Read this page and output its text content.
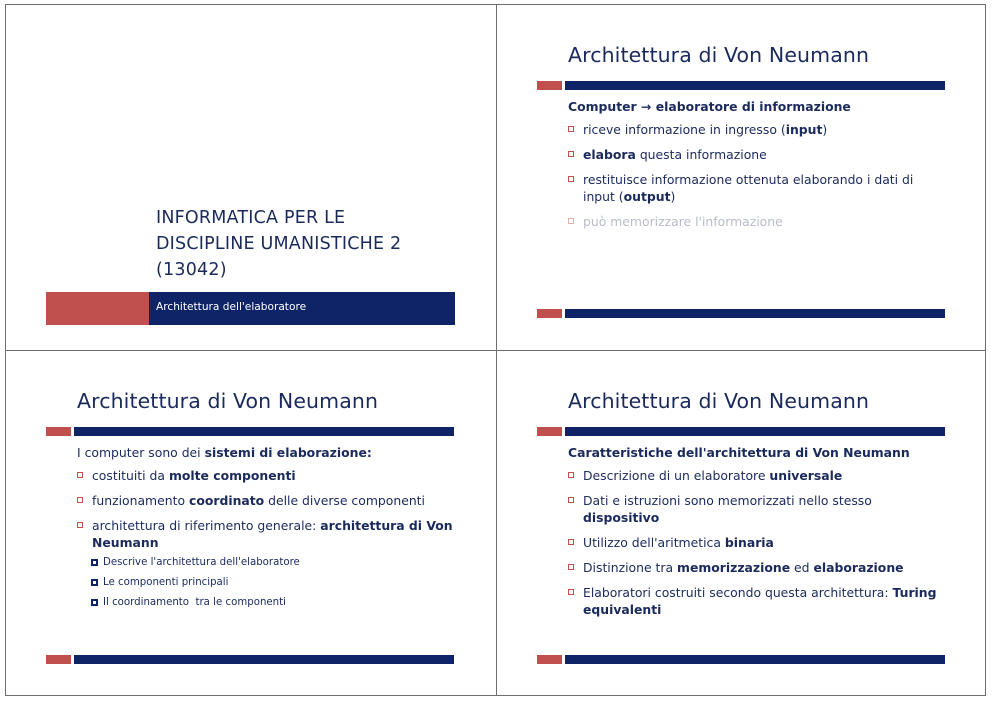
INFORMATICA PER LE
DISCIPLINE UMANISTICHE 2
(13042)
Architettura dell'elaboratore
Architettura di Von Neumann
Computer → elaboratore di informazione
riceve informazione in ingresso (input)
elabora questa informazione
restituisce informazione ottenuta elaborando i dati di input (output)
può memorizzare l'informazione
Architettura di Von Neumann
I computer sono dei sistemi di elaborazione:
costituiti da molte componenti
funzionamento coordinato delle diverse componenti
architettura di riferimento generale: architettura di Von Neumann
Descrive l'architettura dell'elaboratore
Le componenti principali
Il coordinamento  tra le componenti
Architettura di Von Neumann
Caratteristiche dell'architettura di Von Neumann
Descrizione di un elaboratore universale
Dati e istruzioni sono memorizzati nello stesso dispositivo
Utilizzo dell'aritmetica binaria
Distinzione tra memorizzazione ed elaborazione
Elaboratori costruiti secondo questa architettura: Turing equivalenti
